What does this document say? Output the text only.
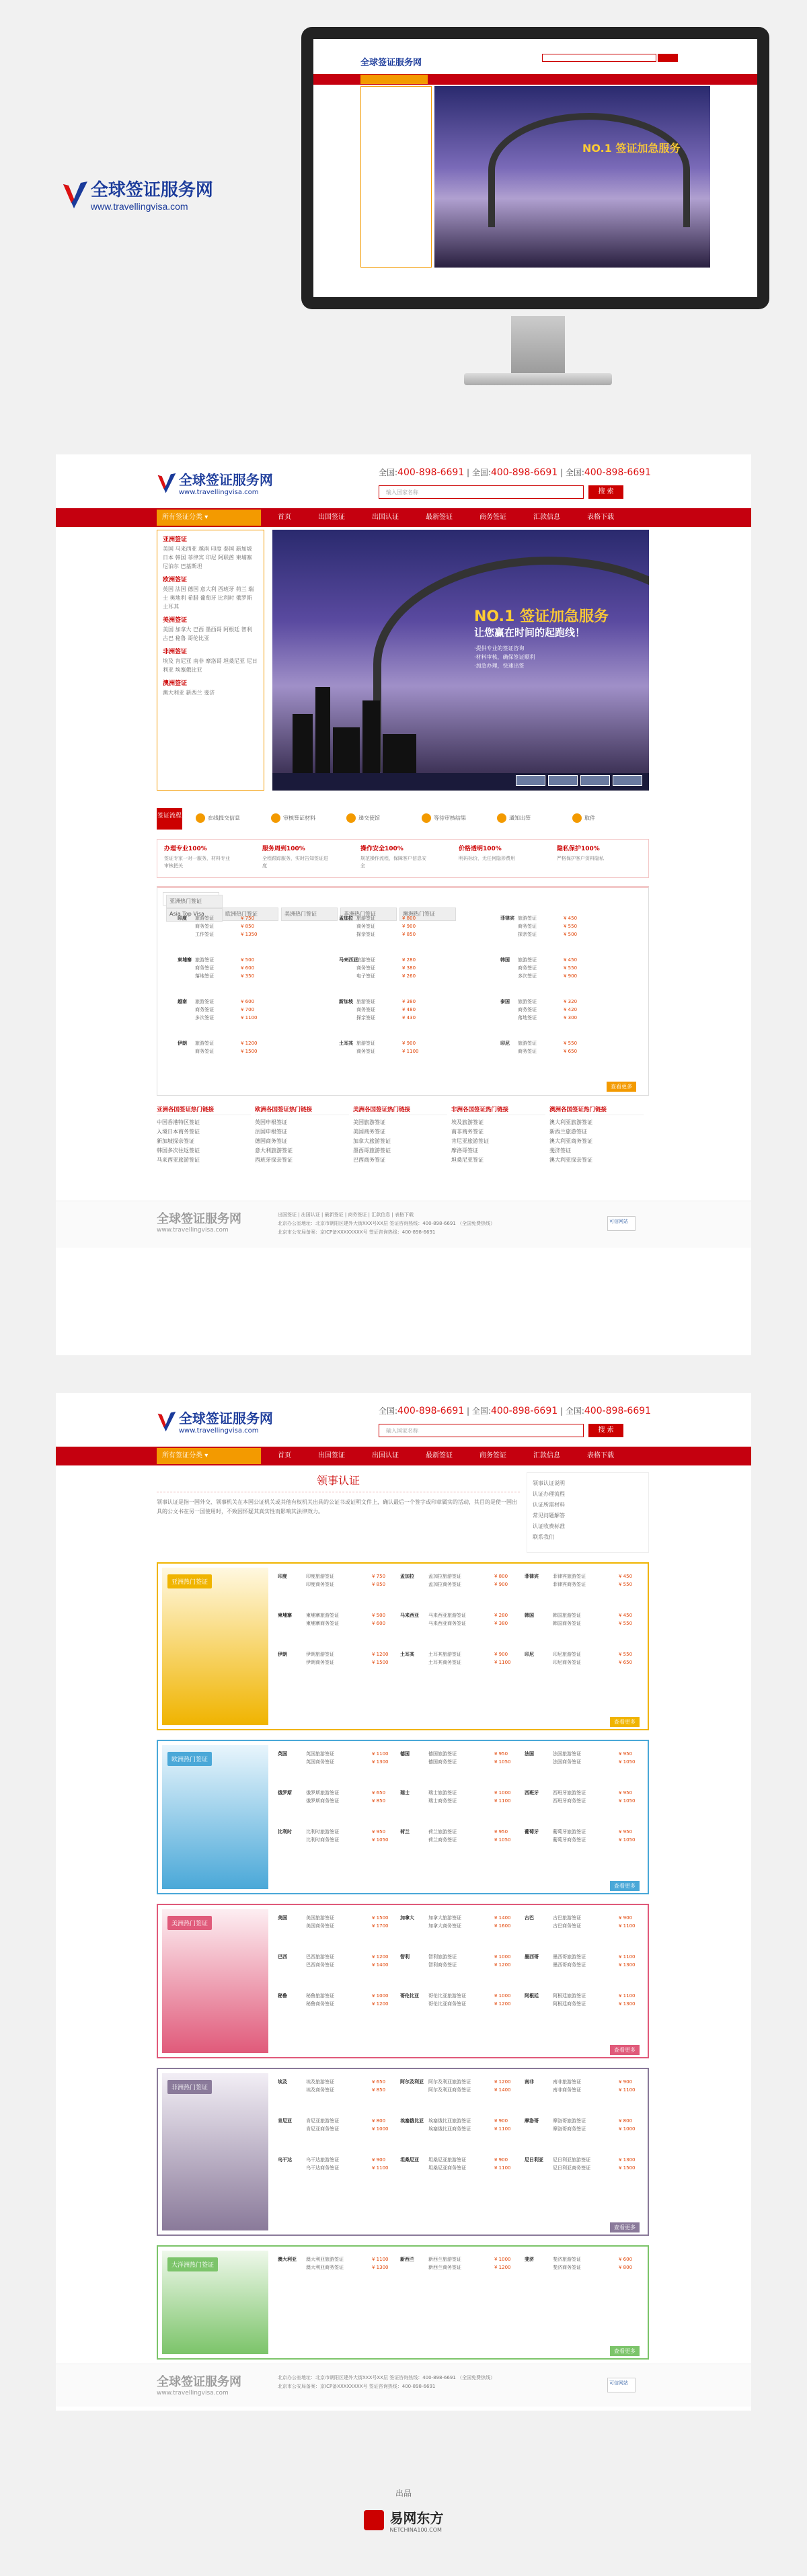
全球签证服务网
www.travellingvisa.com
全球签证服务网
NO.1 签证加急服务

全球签证服务网
www.travellingvisa.com
全国:400-898-6691 | 全国:400-898-6691 | 全国:400-898-6691
输入国家名称	搜 索
所有签证分类 ▾	首页	出国签证	出国认证	最新签证	商务签证	汇款信息	表格下载
亚洲签证

美国 马来西亚 越南 印度 泰国 新加坡 日本 韩国 菲律宾 印尼 阿联酋 柬埔寨 尼泊尔 巴基斯坦

欧洲签证

英国 法国 德国 意大利 西班牙 荷兰 瑞士 奥地利 希腊 葡萄牙 比利时 俄罗斯 土耳其

美洲签证

美国 加拿大 巴西 墨西哥 阿根廷 智利 古巴 秘鲁 哥伦比亚

非洲签证

埃及 肯尼亚 南非 摩洛哥 坦桑尼亚 尼日利亚 埃塞俄比亚

澳洲签证

澳大利亚 新西兰 斐济

NO.1 签证加急服务
让您赢在时间的起跑线！
·提供专业的签证咨询
·材料审核，确保签证顺利
·加急办理，快速出签
签证流程	在线提交信息	审核签证材料	递交使馆	等待审核结果	通知出签	取件
办理专业100%
签证专家一对一服务，材料专业审核把关
服务周到100%
全程跟踪服务，实时告知签证进度
操作安全100%
规范操作流程，保障客户信息安全
价格透明100%
明码标价，无任何隐形费用
隐私保护100%
严格保护客户资料隐私
亚洲热门签证
Asia Top Visa	欧洲热门签证	美洲热门签证	非洲热门签证	澳洲热门签证
印度 旅游签证	¥ 750
商务签证	¥ 850
工作签证	¥ 1350
孟加拉 旅游签证	¥ 800
商务签证	¥ 900
探亲签证	¥ 850
菲律宾 旅游签证	¥ 450
商务签证	¥ 550
探亲签证	¥ 500
柬埔寨 旅游签证	¥ 500
商务签证	¥ 600
落地签证	¥ 350
马来西亚
旅游签证	¥ 280
商务签证	¥ 380
电子签证	¥ 260
韩国 旅游签证	¥ 450
商务签证	¥ 550
多次签证	¥ 900
越南 旅游签证	¥ 600
商务签证	¥ 700
多次签证	¥ 1100
新加坡 旅游签证	¥ 380
商务签证	¥ 480
探亲签证	¥ 430
泰国 旅游签证	¥ 320
商务签证	¥ 420
落地签证	¥ 300
伊朗 旅游签证	¥ 1200
商务签证	¥ 1500
土耳其 旅游签证	¥ 900
商务签证	¥ 1100
印尼 旅游签证	¥ 550
商务签证	¥ 650
查看更多
亚洲各国签证热门链接
中国香港特区签证
入境日本商务签证
新加坡探亲签证
韩国多次往返签证
马来西亚旅游签证
欧洲各国签证热门链接
英国申根签证
法国申根签证
德国商务签证
意大利旅游签证
西班牙探亲签证
美洲各国签证热门链接
美国旅游签证
美国商务签证
加拿大旅游签证
墨西哥旅游签证
巴西商务签证
非洲各国签证热门链接
埃及旅游签证
南非商务签证
肯尼亚旅游签证
摩洛哥签证
坦桑尼亚签证
澳洲各国签证热门链接
澳大利亚旅游签证
新西兰旅游签证
澳大利亚商务签证
斐济签证
澳大利亚探亲签证
全球签证服务网
www.travellingvisa.com
出国签证 | 出国认证 | 最新签证 | 商务签证 | 汇款信息 | 表格下载
北京办公室地址：北京市朝阳区建外大街XXX号XX层 签证咨询热线：400-898-6691 （全国免费热线）
北京市公安局备案：京ICP备XXXXXXXX号 签证咨询热线：400-898-6691
可信网站

全球签证服务网
www.travellingvisa.com
全国:400-898-6691 | 全国:400-898-6691 | 全国:400-898-6691
输入国家名称	搜 索
所有签证分类 ▾	首页	出国签证	出国认证	最新签证	商务签证	汇款信息	表格下载
领事认证
领事认证是指一国外交、领事机关在本国公证机关或其他有权机关出具的公证书或证明文件上，确认最后一个签字或印章属实的活动，其目的是使一国出具的公文书在另一国使用时，不致因怀疑其真实性而影响其法律效力。
领事认证说明
认证办理流程
认证所需材料
常见问题解答
认证收费标准
联系我们
亚洲热门签证
印度	印度旅游签证	¥ 750
印度商务签证	¥ 850
孟加拉	孟加拉旅游签证	¥ 800
孟加拉商务签证	¥ 900
菲律宾	菲律宾旅游签证	¥ 450
菲律宾商务签证	¥ 550
柬埔寨	柬埔寨旅游签证	¥ 500
柬埔寨商务签证	¥ 600
马来西亚 马来西亚旅游签证	¥ 280
马来西亚商务签证	¥ 380
韩国	韩国旅游签证	¥ 450
韩国商务签证	¥ 550
伊朗	伊朗旅游签证	¥ 1200
伊朗商务签证	¥ 1500
土耳其	土耳其旅游签证	¥ 900
土耳其商务签证	¥ 1100
印尼	印尼旅游签证	¥ 550
印尼商务签证	¥ 650
查看更多
欧洲热门签证
英国	英国旅游签证	¥ 1100
英国商务签证	¥ 1300
德国	德国旅游签证	¥ 950
德国商务签证	¥ 1050
法国	法国旅游签证	¥ 950
法国商务签证	¥ 1050
俄罗斯	俄罗斯旅游签证	¥ 650
俄罗斯商务签证	¥ 850
瑞士	瑞士旅游签证	¥ 1000
瑞士商务签证	¥ 1100
西班牙	西班牙旅游签证	¥ 950
西班牙商务签证	¥ 1050
比利时	比利时旅游签证	¥ 950
比利时商务签证	¥ 1050
荷兰	荷兰旅游签证	¥ 950
荷兰商务签证	¥ 1050
葡萄牙	葡萄牙旅游签证	¥ 950
葡萄牙商务签证	¥ 1050
查看更多
美洲热门签证
美国	美国旅游签证	¥ 1500
美国商务签证	¥ 1700
加拿大	加拿大旅游签证	¥ 1400
加拿大商务签证	¥ 1600
古巴	古巴旅游签证	¥ 900
古巴商务签证	¥ 1100
巴西	巴西旅游签证	¥ 1200
巴西商务签证	¥ 1400
智利	智利旅游签证	¥ 1000
智利商务签证	¥ 1200
墨西哥	墨西哥旅游签证	¥ 1100
墨西哥商务签证	¥ 1300
秘鲁	秘鲁旅游签证	¥ 1000
秘鲁商务签证	¥ 1200
哥伦比亚 哥伦比亚旅游签证	¥ 1000
哥伦比亚商务签证	¥ 1200
阿根廷	阿根廷旅游签证	¥ 1100
阿根廷商务签证	¥ 1300
查看更多
非洲热门签证
埃及	埃及旅游签证	¥ 650
埃及商务签证	¥ 850
阿尔及利亚 阿尔及利亚旅游签证	¥ 1200
阿尔及利亚商务签证	¥ 1400
南非	南非旅游签证	¥ 900
南非商务签证	¥ 1100
肯尼亚	肯尼亚旅游签证	¥ 800
肯尼亚商务签证	¥ 1000
埃塞俄比亚 埃塞俄比亚旅游签证	¥ 900
埃塞俄比亚商务签证	¥ 1100
摩洛哥	摩洛哥旅游签证	¥ 800
摩洛哥商务签证	¥ 1000
乌干达	乌干达旅游签证	¥ 900
乌干达商务签证	¥ 1100
坦桑尼亚 坦桑尼亚旅游签证	¥ 900
坦桑尼亚商务签证	¥ 1100
尼日利亚 尼日利亚旅游签证	¥ 1300
尼日利亚商务签证	¥ 1500
查看更多
大洋洲热门签证
澳大利亚 澳大利亚旅游签证	¥ 1100
澳大利亚商务签证	¥ 1300
新西兰	新西兰旅游签证	¥ 1000
新西兰商务签证	¥ 1200
斐济	斐济旅游签证	¥ 600
斐济商务签证	¥ 800
查看更多
全球签证服务网
www.travellingvisa.com
北京办公室地址：北京市朝阳区建外大街XXX号XX层 签证咨询热线：400-898-6691 （全国免费热线）
北京市公安局备案：京ICP备XXXXXXXX号 签证咨询热线：400-898-6691
可信网站
出品

易网东方
NETCHINA100.COM
